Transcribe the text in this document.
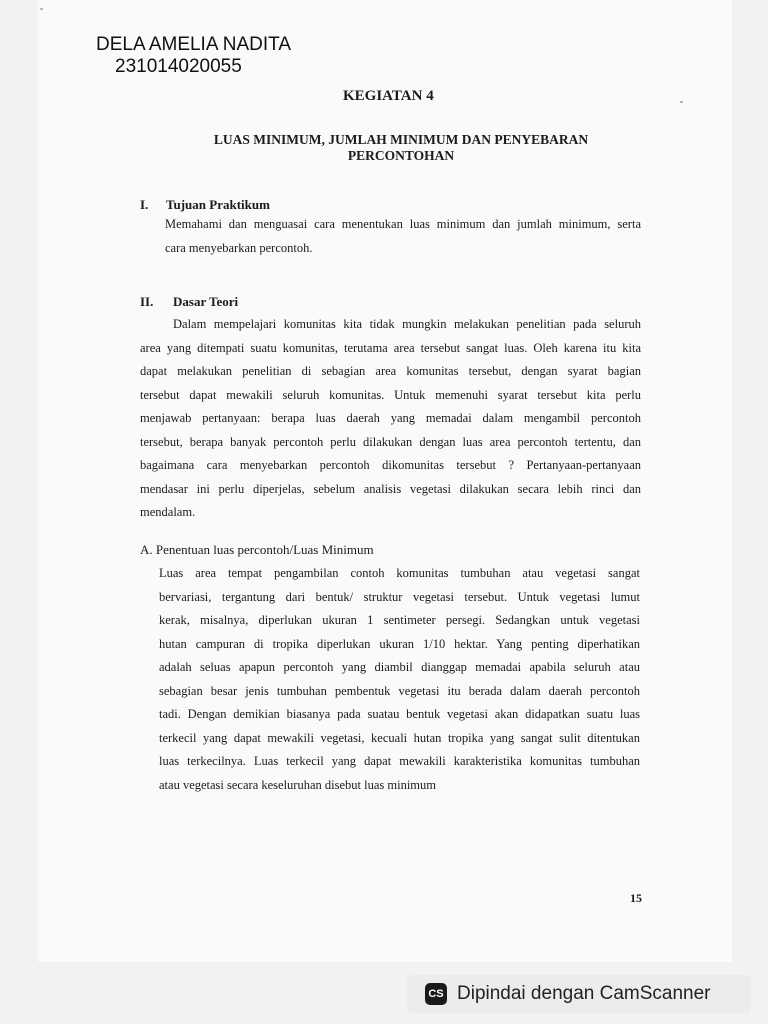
DELA AMELIA NADITA
231014020055
KEGIATAN 4
LUAS MINIMUM, JUMLAH MINIMUM DAN PENYEBARAN
PERCONTOHAN
I. Tujuan Praktikum
Memahami dan menguasai cara menentukan luas minimum dan jumlah minimum, serta
cara menyebarkan percontoh.
II. Dasar Teori
Dalam mempelajari komunitas kita tidak mungkin melakukan penelitian pada seluruh
area yang ditempati suatu komunitas, terutama area tersebut sangat luas. Oleh karena itu kita
dapat melakukan penelitian di sebagian area komunitas tersebut, dengan syarat bagian
tersebut dapat mewakili seluruh komunitas. Untuk memenuhi syarat tersebut kita perlu
menjawab pertanyaan: berapa luas daerah yang memadai dalam mengambil percontoh
tersebut, berapa banyak percontoh perlu dilakukan dengan luas area percontoh tertentu, dan
bagaimana cara menyebarkan percontoh dikomunitas tersebut ? Pertanyaan-pertanyaan
mendasar ini perlu diperjelas, sebelum analisis vegetasi dilakukan secara lebih rinci dan
mendalam.
A. Penentuan luas percontoh/Luas Minimum
Luas area tempat pengambilan contoh komunitas tumbuhan atau vegetasi sangat
bervariasi, tergantung dari bentuk/ struktur vegetasi tersebut. Untuk vegetasi lumut
kerak, misalnya, diperlukan ukuran 1 sentimeter persegi. Sedangkan untuk vegetasi
hutan campuran di tropika diperlukan ukuran 1/10 hektar. Yang penting diperhatikan
adalah seluas apapun percontoh yang diambil dianggap memadai apabila seluruh atau
sebagian besar jenis tumbuhan pembentuk vegetasi itu berada dalam daerah percontoh
tadi. Dengan demikian biasanya pada suatau bentuk vegetasi akan didapatkan suatu luas
terkecil yang dapat mewakili vegetasi, kecuali hutan tropika yang sangat sulit ditentukan
luas terkecilnya. Luas terkecil yang dapat mewakili karakteristika komunitas tumbuhan
atau vegetasi secara keseluruhan disebut luas minimum
15
CS Dipindai dengan CamScanner
